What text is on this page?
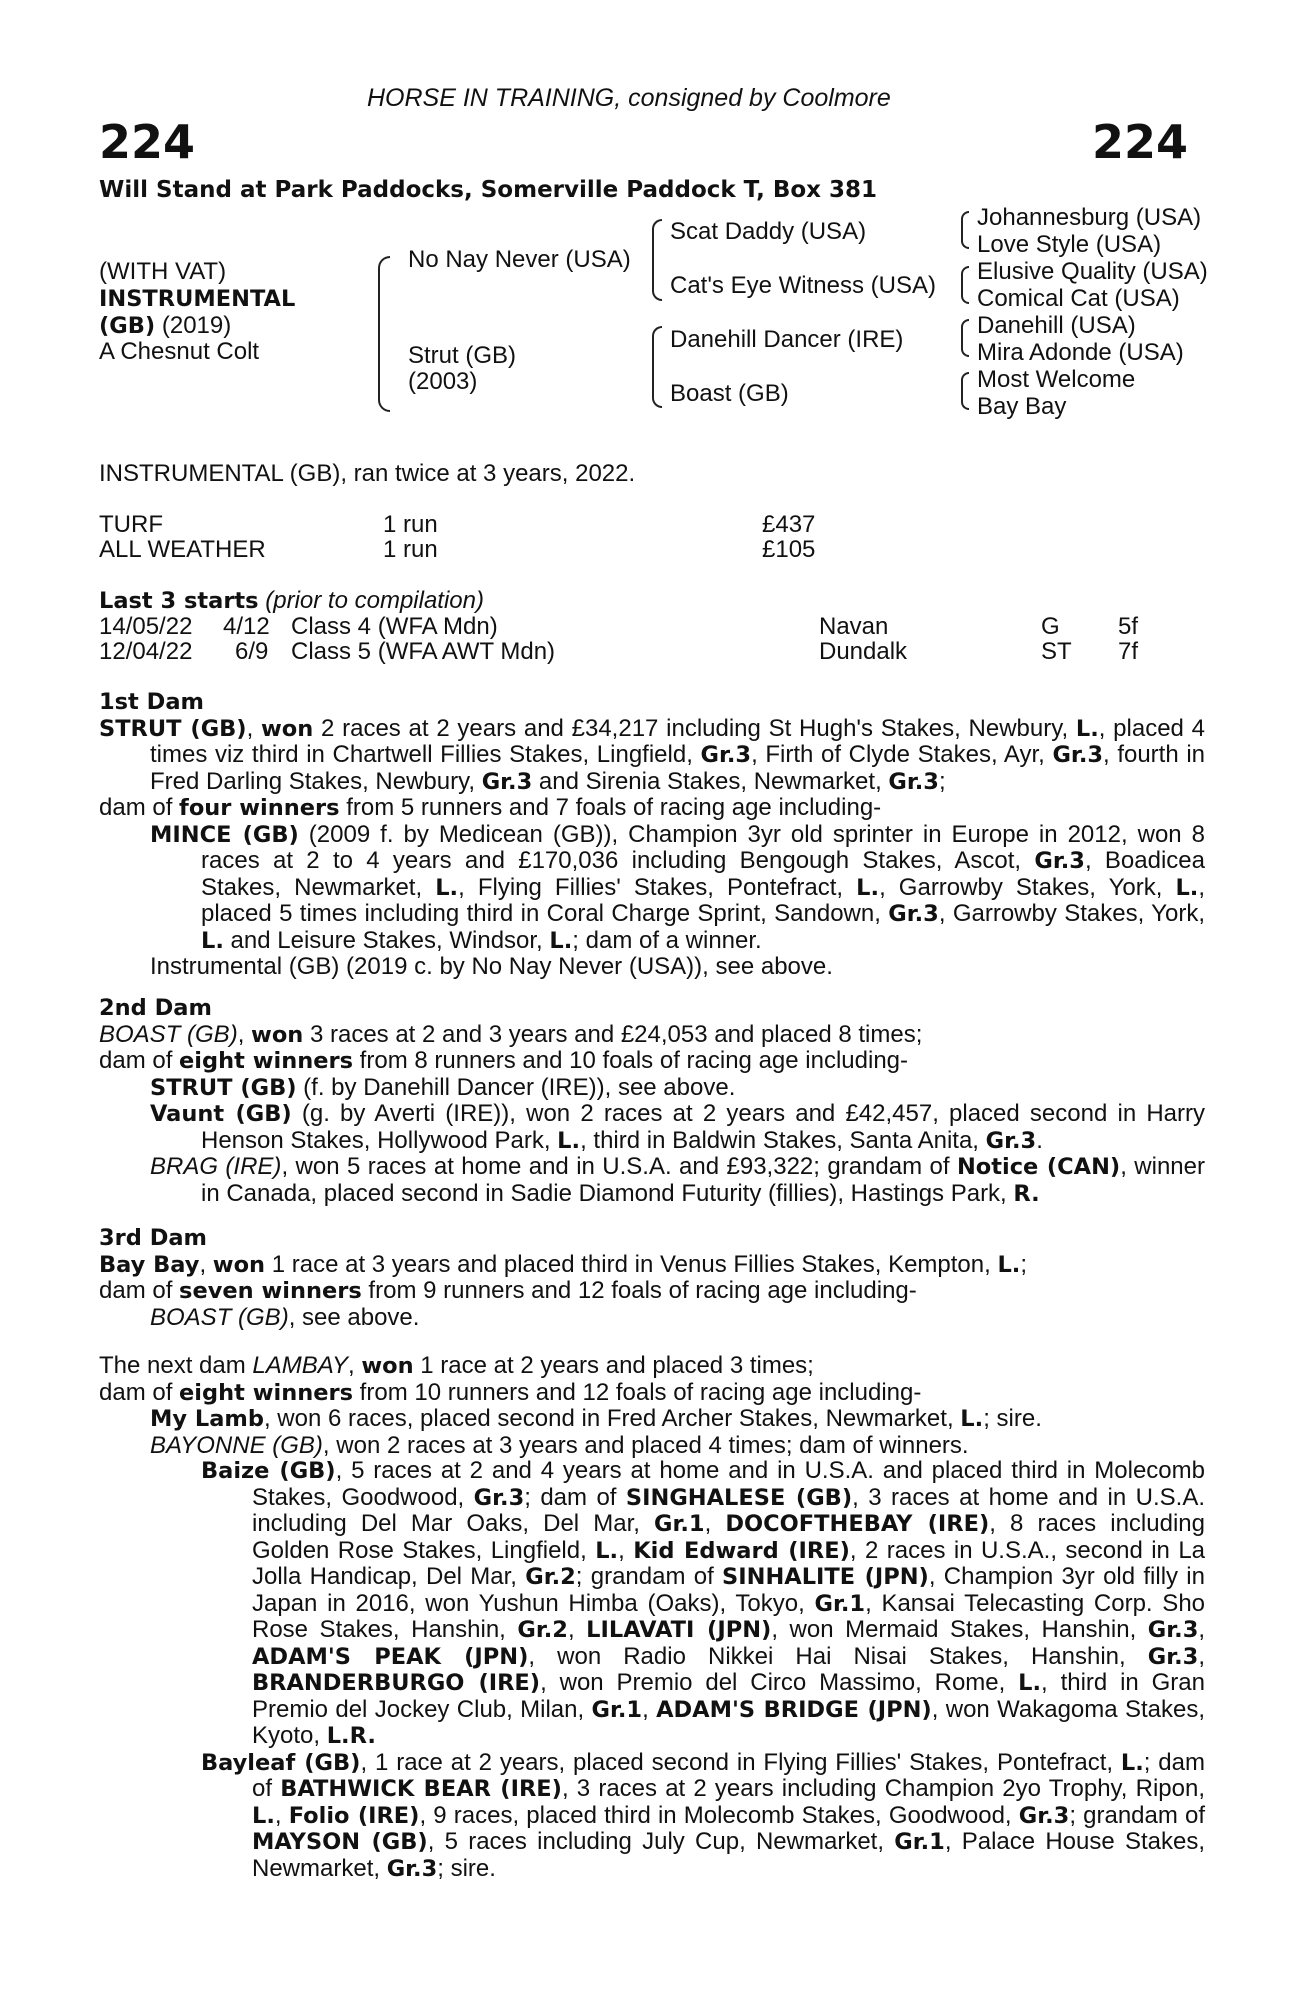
HORSE IN TRAINING, consigned by Coolmore
224	224
Will Stand at Park Paddocks, Somerville Paddock T, Box 381
(WITH VAT)
INSTRUMENTAL
(GB) (2019)
A Chesnut Colt
No Nay Never (USA)
Strut (GB)
(2003)
Scat Daddy (USA)
Cat's Eye Witness (USA)
Danehill Dancer (IRE)
Boast (GB)
Johannesburg (USA)
Love Style (USA)
Elusive Quality (USA)
Comical Cat (USA)
Danehill (USA)
Mira Adonde (USA)
Most Welcome
Bay Bay
INSTRUMENTAL (GB), ran twice at 3 years, 2022.
TURF	1 run	£437
ALL WEATHER	1 run	£105
Last 3 starts (prior to compilation)
14/05/22 4/12 Class 4 (WFA Mdn)	Navan	G 5f
12/04/22 6/9 Class 5 (WFA AWT Mdn)	Dundalk	ST 7f
1st Dam
STRUT (GB), won 2 races at 2 years and £34,217 including St Hugh's Stakes, Newbury, L., placed 4 times viz third in Chartwell Fillies Stakes, Lingfield, Gr.3, Firth of Clyde Stakes, Ayr, Gr.3, fourth in Fred Darling Stakes, Newbury, Gr.3 and Sirenia Stakes, Newmarket, Gr.3;
dam of four winners from 5 runners and 7 foals of racing age including-
MINCE (GB) (2009 f. by Medicean (GB)), Champion 3yr old sprinter in Europe in 2012, won 8 races at 2 to 4 years and £170,036 including Bengough Stakes, Ascot, Gr.3, Boadicea Stakes, Newmarket, L., Flying Fillies' Stakes, Pontefract, L., Garrowby Stakes, York, L., placed 5 times including third in Coral Charge Sprint, Sandown, Gr.3, Garrowby Stakes, York, L. and Leisure Stakes, Windsor, L.; dam of a winner.
Instrumental (GB) (2019 c. by No Nay Never (USA)), see above.
2nd Dam
BOAST (GB), won 3 races at 2 and 3 years and £24,053 and placed 8 times;
dam of eight winners from 8 runners and 10 foals of racing age including-
STRUT (GB) (f. by Danehill Dancer (IRE)), see above.
Vaunt (GB) (g. by Averti (IRE)), won 2 races at 2 years and £42,457, placed second in Harry Henson Stakes, Hollywood Park, L., third in Baldwin Stakes, Santa Anita, Gr.3.
BRAG (IRE), won 5 races at home and in U.S.A. and £93,322; grandam of Notice (CAN), winner in Canada, placed second in Sadie Diamond Futurity (fillies), Hastings Park, R.
3rd Dam
Bay Bay, won 1 race at 3 years and placed third in Venus Fillies Stakes, Kempton, L.;
dam of seven winners from 9 runners and 12 foals of racing age including-
BOAST (GB), see above.
The next dam LAMBAY, won 1 race at 2 years and placed 3 times;
dam of eight winners from 10 runners and 12 foals of racing age including-
My Lamb, won 6 races, placed second in Fred Archer Stakes, Newmarket, L.; sire.
BAYONNE (GB), won 2 races at 3 years and placed 4 times; dam of winners.
Baize (GB), 5 races at 2 and 4 years at home and in U.S.A. and placed third in Molecomb Stakes, Goodwood, Gr.3; dam of SINGHALESE (GB), 3 races at home and in U.S.A. including Del Mar Oaks, Del Mar, Gr.1, DOCOFTHEBAY (IRE), 8 races including Golden Rose Stakes, Lingfield, L., Kid Edward (IRE), 2 races in U.S.A., second in La Jolla Handicap, Del Mar, Gr.2; grandam of SINHALITE (JPN), Champion 3yr old filly in Japan in 2016, won Yushun Himba (Oaks), Tokyo, Gr.1, Kansai Telecasting Corp. Sho Rose Stakes, Hanshin, Gr.2, LILAVATI (JPN), won Mermaid Stakes, Hanshin, Gr.3, ADAM'S PEAK (JPN), won Radio Nikkei Hai Nisai Stakes, Hanshin, Gr.3, BRANDERBURGO (IRE), won Premio del Circo Massimo, Rome, L., third in Gran Premio del Jockey Club, Milan, Gr.1, ADAM'S BRIDGE (JPN), won Wakagoma Stakes, Kyoto, L.R.
Bayleaf (GB), 1 race at 2 years, placed second in Flying Fillies' Stakes, Pontefract, L.; dam of BATHWICK BEAR (IRE), 3 races at 2 years including Champion 2yo Trophy, Ripon, L., Folio (IRE), 9 races, placed third in Molecomb Stakes, Goodwood, Gr.3; grandam of MAYSON (GB), 5 races including July Cup, Newmarket, Gr.1, Palace House Stakes, Newmarket, Gr.3; sire.
